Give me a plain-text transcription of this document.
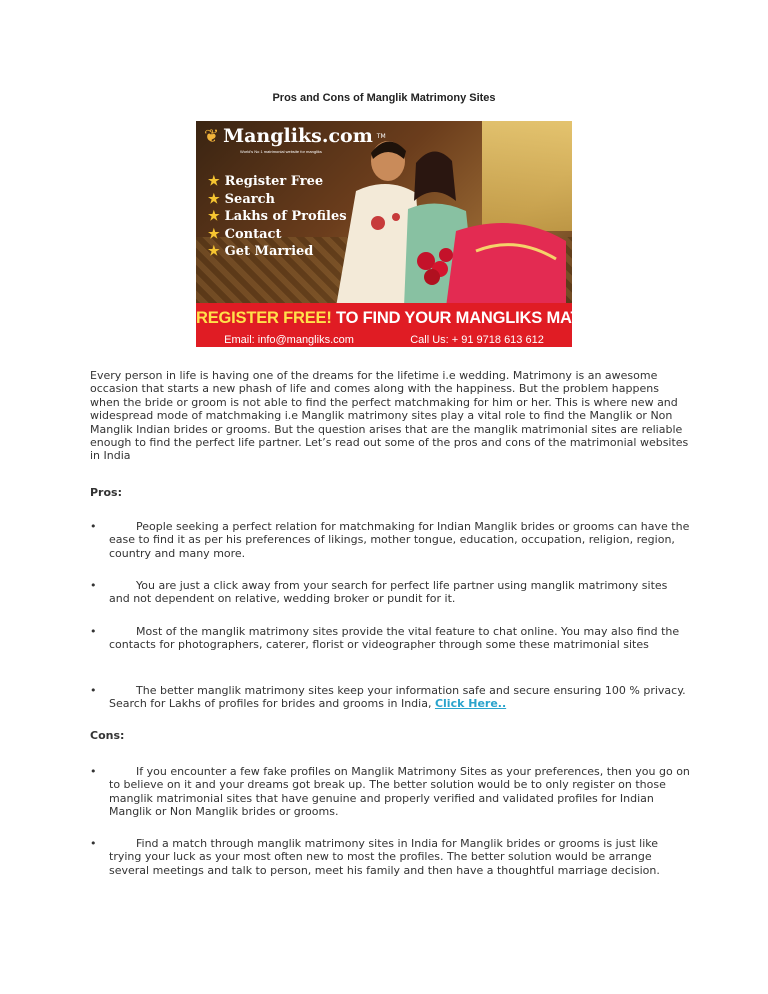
Pros and Cons of Manglik Matrimony Sites
❦ Mangliks.com TM
World's No 1 matrimonial website for mangliks
★ Register Free
★ Search
★ Lakhs of Profiles
★ Contact
★ Get Married
REGISTER FREE! TO FIND YOUR MANGLIKS MATCH
Email: info@mangliks.com	Call Us: + 91 9718 613 612

Every person in life is having one of the dreams for the lifetime i.e wedding. Matrimony is an awesome occasion that starts a new phash of life and comes along with the happiness. But the problem happens when the bride or groom is not able to find the perfect matchmaking for him or her. This is where new and widespread mode of matchmaking i.e Manglik matrimony sites play a vital role to find the Manglik or Non Manglik Indian brides or grooms. But the question arises that are the manglik matrimonial sites are reliable enough to find the perfect life partner. Let’s read out some of the pros and cons of the matrimonial websites in India

Pros:

•	People seeking a perfect relation for matchmaking for Indian Manglik brides or grooms can have the ease to find it as per his preferences of likings, mother tongue, education, occupation, religion, region, country and many more.
•	You are just a click away from your search for perfect life partner using manglik matrimony sites and not dependent on relative, wedding broker or pundit for it.
•	Most of the manglik matrimony sites provide the vital feature to chat online. You may also find the contacts for photographers, caterer, florist or videographer through some these matrimonial sites
•	The better manglik matrimony sites keep your information safe and secure ensuring 100 % privacy. Search for Lakhs of profiles for brides and grooms in India, Click Here..

Cons:

•	If you encounter a few fake profiles on Manglik Matrimony Sites as your preferences, then you go on to believe on it and your dreams got break up. The better solution would be to only register on those manglik matrimonial sites that have genuine and properly verified and validated profiles for Indian Manglik or Non Manglik brides or grooms.
•	Find a match through manglik matrimony sites in India for Manglik brides or grooms is just like trying your luck as your most often new to most the profiles. The better solution would be arrange several meetings and talk to person, meet his family and then have a thoughtful marriage decision.
